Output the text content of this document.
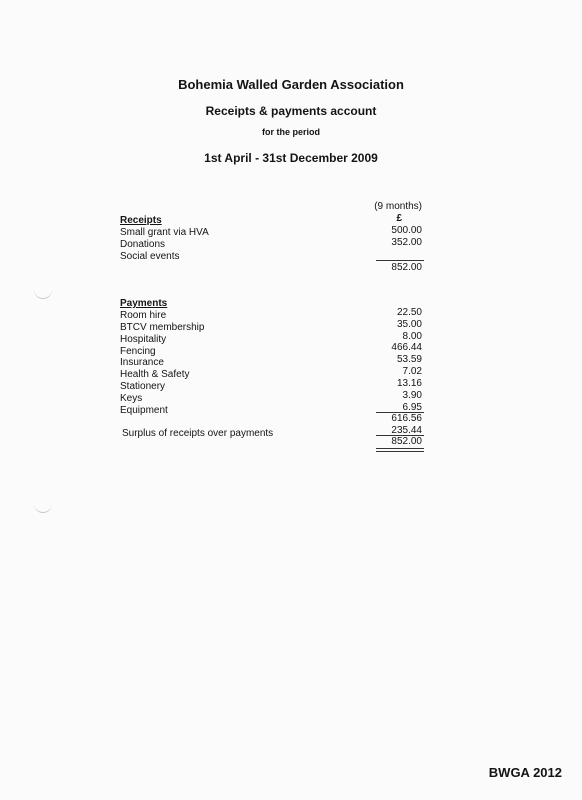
Bohemia Walled Garden Association
Receipts & payments account
for the period
1st April - 31st December 2009
(9 months)
£
Receipts
Small grant via HVA	500.00
Donations	352.00
Social events
852.00
Payments
Room hire	22.50
BTCV membership	35.00
Hospitality	8.00
Fencing	466.44
Insurance	53.59
Health & Safety	7.02
Stationery	13.16
Keys	3.90
Equipment	6.95
616.56
Surplus of receipts over payments	235.44
852.00
BWGA 2012
